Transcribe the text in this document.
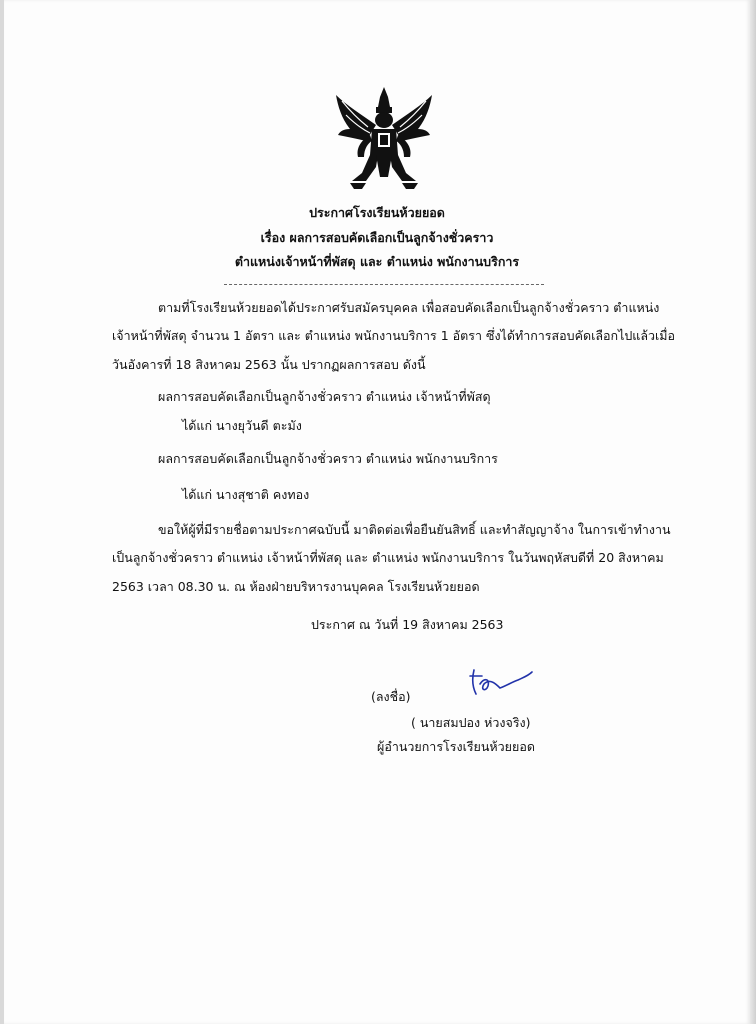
ประกาศโรงเรียนห้วยยอด
เรื่อง ผลการสอบคัดเลือกเป็นลูกจ้างชั่วคราว
ตำแหน่งเจ้าหน้าที่พัสดุ และ ตำแหน่ง พนักงานบริการ
ตามที่โรงเรียนห้วยยอดได้ประกาศรับสมัครบุคคล เพื่อสอบคัดเลือกเป็นลูกจ้างชั่วคราว ตำแหน่ง
เจ้าหน้าที่พัสดุ จำนวน 1 อัตรา และ ตำแหน่ง พนักงานบริการ 1 อัตรา ซึ่งได้ทำการสอบคัดเลือกไปแล้วเมื่อ
วันอังคารที่ 18 สิงหาคม 2563 นั้น ปรากฏผลการสอบ ดังนี้
ผลการสอบคัดเลือกเป็นลูกจ้างชั่วคราว ตำแหน่ง เจ้าหน้าที่พัสดุ
ได้แก่ นางยุวันดี ตะมัง
ผลการสอบคัดเลือกเป็นลูกจ้างชั่วคราว ตำแหน่ง พนักงานบริการ
ได้แก่ นางสุชาติ คงทอง
ขอให้ผู้ที่มีรายชื่อตามประกาศฉบับนี้ มาติดต่อเพื่อยืนยันสิทธิ์ และทำสัญญาจ้าง ในการเข้าทำงาน
เป็นลูกจ้างชั่วคราว ตำแหน่ง เจ้าหน้าที่พัสดุ และ ตำแหน่ง พนักงานบริการ ในวันพฤหัสบดีที่ 20 สิงหาคม
2563 เวลา 08.30 น. ณ ห้องฝ่ายบริหารงานบุคคล โรงเรียนห้วยยอด
ประกาศ ณ วันที่ 19 สิงหาคม 2563
(ลงชื่อ)
( นายสมปอง ห่วงจริง)
ผู้อำนวยการโรงเรียนห้วยยอด
